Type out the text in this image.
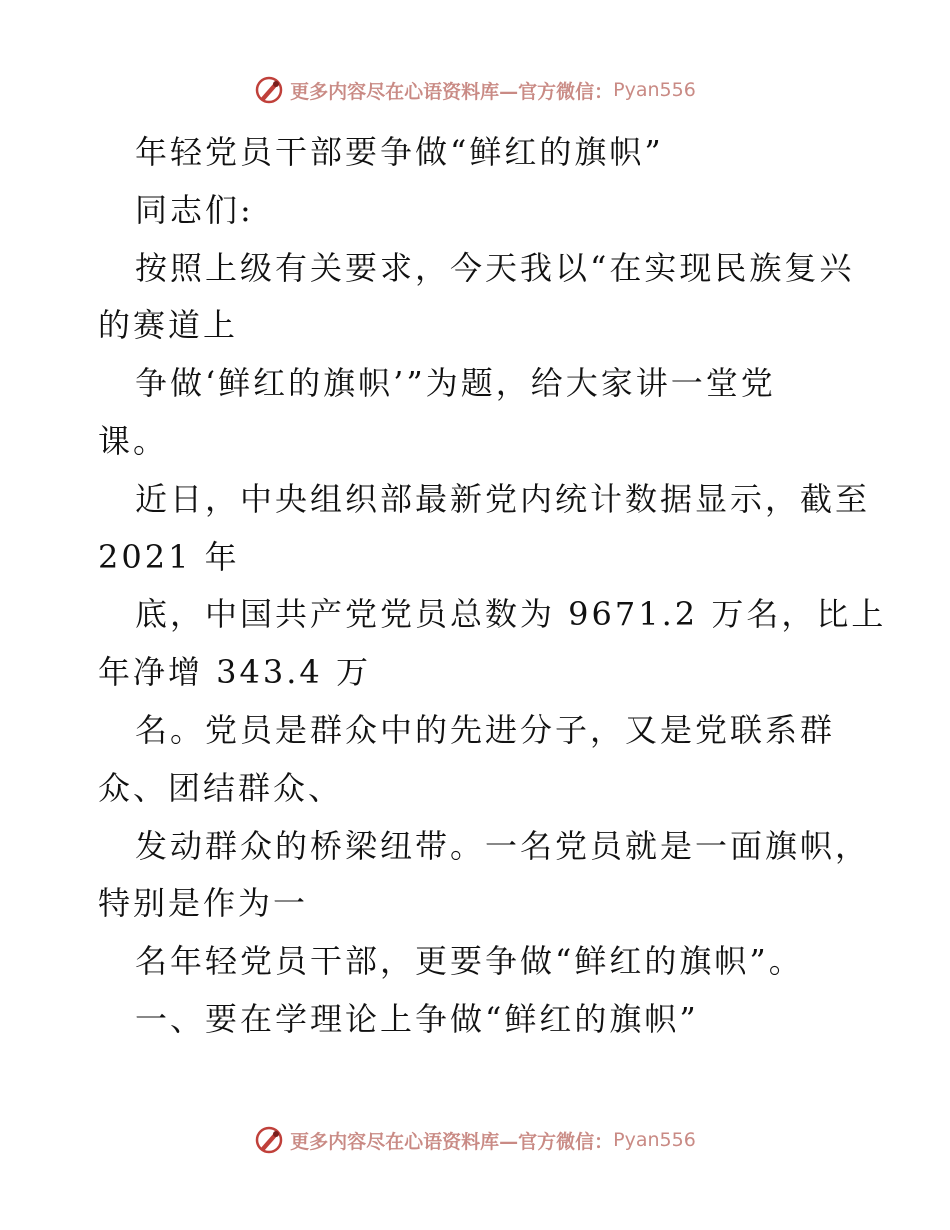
更多内容尽在心语资料库—官方微信： Pyan556
年轻党员干部要争做“鲜红的旗帜”
同志们:
按照上级有关要求，今天我以“在实现民族复兴
的赛道上
争做‘鲜红的旗帜’”为题，给大家讲一堂党
课。
近日，中央组织部最新党内统计数据显示，截至
2021 年
底，中国共产党党员总数为 9671.2 万名，比上
年净增 343.4 万
名。党员是群众中的先进分子，又是党联系群
众、团结群众、
发动群众的桥梁纽带。一名党员就是一面旗帜，
特别是作为一
名年轻党员干部，更要争做“鲜红的旗帜”。
一、要在学理论上争做“鲜红的旗帜”
更多内容尽在心语资料库—官方微信： Pyan556
